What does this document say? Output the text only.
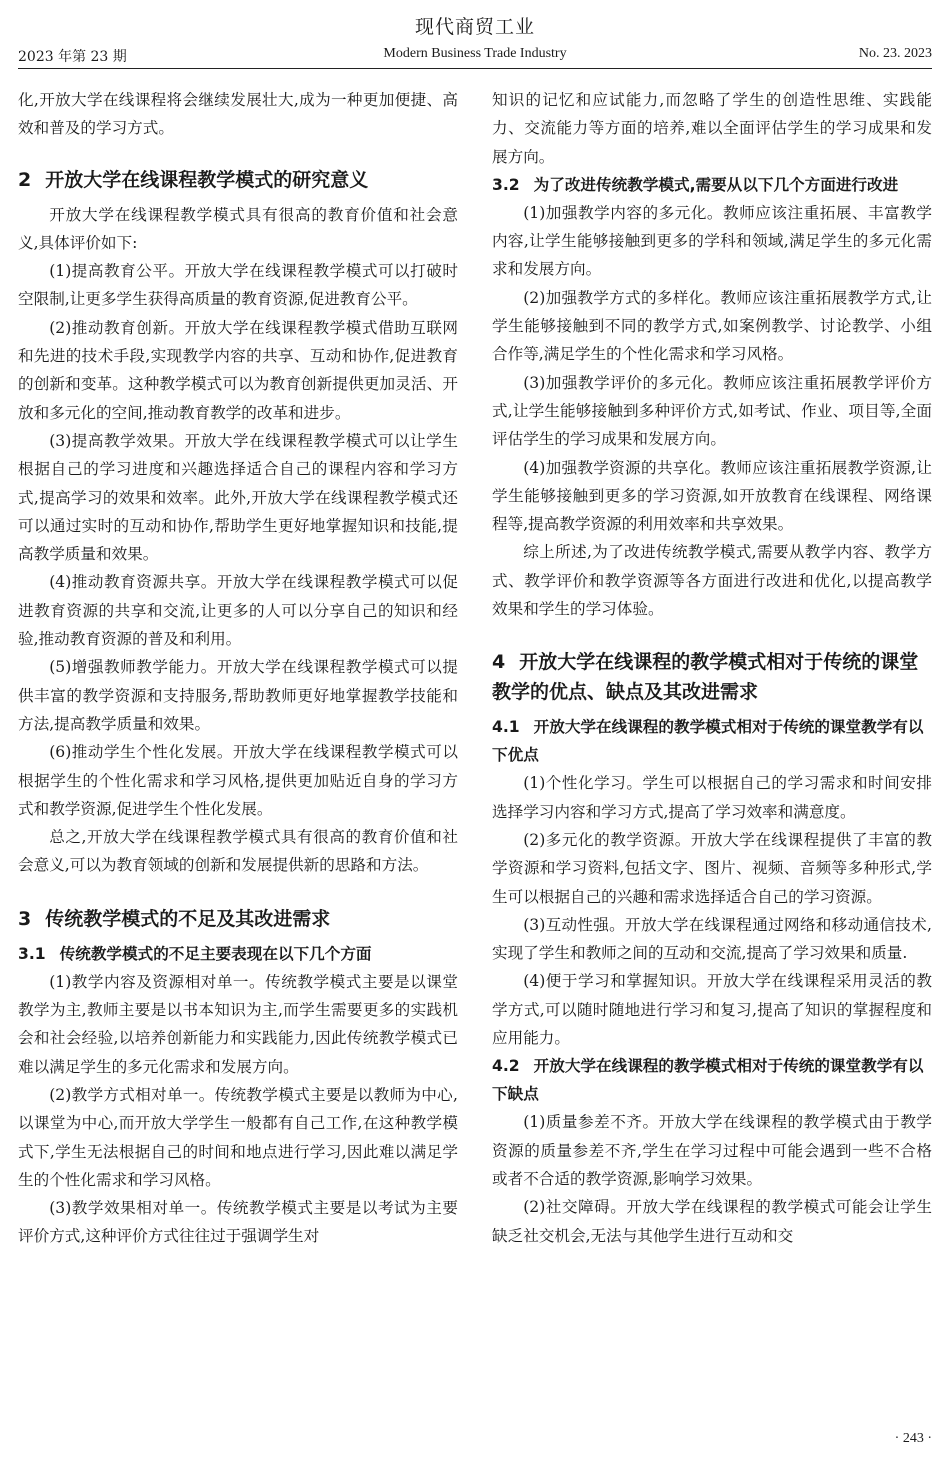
现代商贸工业
2023 年第 23 期	Modern Business Trade Industry	No. 23. 2023

化,开放大学在线课程将会继续发展壮大,成为一种更加便捷、高效和普及的学习方式。

2 开放大学在线课程教学模式的研究意义

开放大学在线课程教学模式具有很高的教育价值和社会意义,具体评价如下:

(1)提高教育公平。开放大学在线课程教学模式可以打破时空限制,让更多学生获得高质量的教育资源,促进教育公平。

(2)推动教育创新。开放大学在线课程教学模式借助互联网和先进的技术手段,实现教学内容的共享、互动和协作,促进教育的创新和变革。这种教学模式可以为教育创新提供更加灵活、开放和多元化的空间,推动教育教学的改革和进步。

(3)提高教学效果。开放大学在线课程教学模式可以让学生根据自己的学习进度和兴趣选择适合自己的课程内容和学习方式,提高学习的效果和效率。此外,开放大学在线课程教学模式还可以通过实时的互动和协作,帮助学生更好地掌握知识和技能,提高教学质量和效果。

(4)推动教育资源共享。开放大学在线课程教学模式可以促进教育资源的共享和交流,让更多的人可以分享自己的知识和经验,推动教育资源的普及和利用。

(5)增强教师教学能力。开放大学在线课程教学模式可以提供丰富的教学资源和支持服务,帮助教师更好地掌握教学技能和方法,提高教学质量和效果。

(6)推动学生个性化发展。开放大学在线课程教学模式可以根据学生的个性化需求和学习风格,提供更加贴近自身的学习方式和教学资源,促进学生个性化发展。

总之,开放大学在线课程教学模式具有很高的教育价值和社会意义,可以为教育领域的创新和发展提供新的思路和方法。

3 传统教学模式的不足及其改进需求
3.1 传统教学模式的不足主要表现在以下几个方面

(1)教学内容及资源相对单一。传统教学模式主要是以课堂教学为主,教师主要是以书本知识为主,而学生需要更多的实践机会和社会经验,以培养创新能力和实践能力,因此传统教学模式已难以满足学生的多元化需求和发展方向。

(2)教学方式相对单一。传统教学模式主要是以教师为中心,以课堂为中心,而开放大学学生一般都有自己工作,在这种教学模式下,学生无法根据自己的时间和地点进行学习,因此难以满足学生的个性化需求和学习风格。

(3)教学效果相对单一。传统教学模式主要是以考试为主要评价方式,这种评价方式往往过于强调学生对

知识的记忆和应试能力,而忽略了学生的创造性思维、实践能力、交流能力等方面的培养,难以全面评估学生的学习成果和发展方向。

3.2 为了改进传统教学模式,需要从以下几个方面进行改进

(1)加强教学内容的多元化。教师应该注重拓展、丰富教学内容,让学生能够接触到更多的学科和领域,满足学生的多元化需求和发展方向。

(2)加强教学方式的多样化。教师应该注重拓展教学方式,让学生能够接触到不同的教学方式,如案例教学、讨论教学、小组合作等,满足学生的个性化需求和学习风格。

(3)加强教学评价的多元化。教师应该注重拓展教学评价方式,让学生能够接触到多种评价方式,如考试、作业、项目等,全面评估学生的学习成果和发展方向。

(4)加强教学资源的共享化。教师应该注重拓展教学资源,让学生能够接触到更多的学习资源,如开放教育在线课程、网络课程等,提高教学资源的利用效率和共享效果。

综上所述,为了改进传统教学模式,需要从教学内容、教学方式、教学评价和教学资源等各方面进行改进和优化,以提高教学效果和学生的学习体验。

4 开放大学在线课程的教学模式相对于传统的课堂教学的优点、缺点及其改进需求
4.1 开放大学在线课程的教学模式相对于传统的课堂教学有以下优点

(1)个性化学习。学生可以根据自己的学习需求和时间安排选择学习内容和学习方式,提高了学习效率和满意度。

(2)多元化的教学资源。开放大学在线课程提供了丰富的教学资源和学习资料,包括文字、图片、视频、音频等多种形式,学生可以根据自己的兴趣和需求选择适合自己的学习资源。

(3)互动性强。开放大学在线课程通过网络和移动通信技术,实现了学生和教师之间的互动和交流,提高了学习效果和质量.

(4)便于学习和掌握知识。开放大学在线课程采用灵活的教学方式,可以随时随地进行学习和复习,提高了知识的掌握程度和应用能力。

4.2 开放大学在线课程的教学模式相对于传统的课堂教学有以下缺点

(1)质量参差不齐。开放大学在线课程的教学模式由于教学资源的质量参差不齐,学生在学习过程中可能会遇到一些不合格或者不合适的教学资源,影响学习效果。

(2)社交障碍。开放大学在线课程的教学模式可能会让学生缺乏社交机会,无法与其他学生进行互动和交

· 243 ·
